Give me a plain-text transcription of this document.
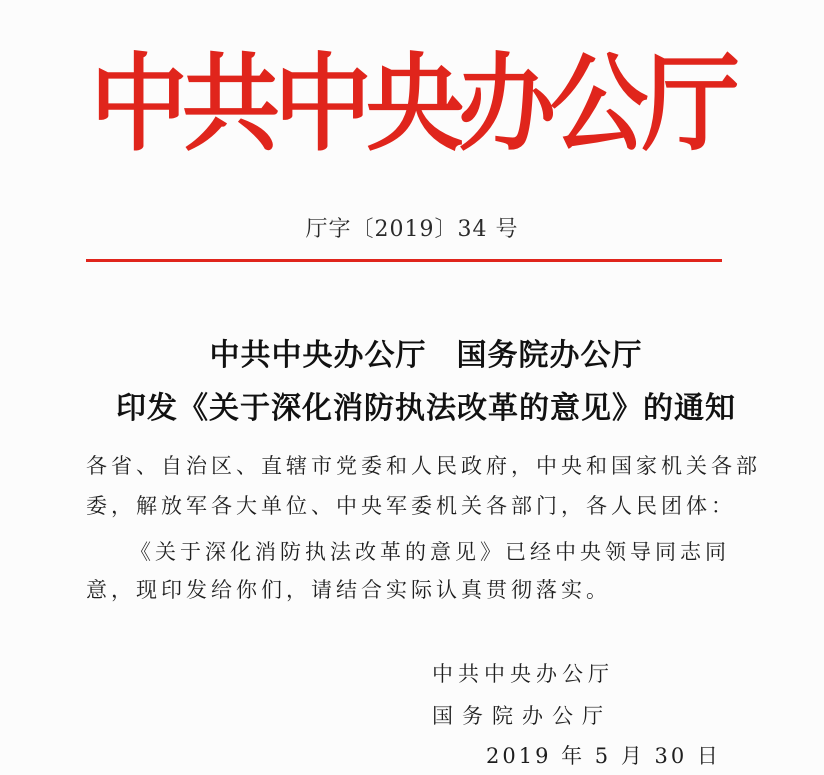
中共中央办公厅
厅字〔2019〕34 号
中共中央办公厅 国务院办公厅
印发《关于深化消防执法改革的意见》的通知
各省、自治区、直辖市党委和人民政府，中央和国家机关各部
委，解放军各大单位、中央军委机关各部门，各人民团体：
《关于深化消防执法改革的意见》已经中央领导同志同
意，现印发给你们，请结合实际认真贯彻落实。
中共中央办公厅
国务院办公厅
2019 年 5 月 30 日
